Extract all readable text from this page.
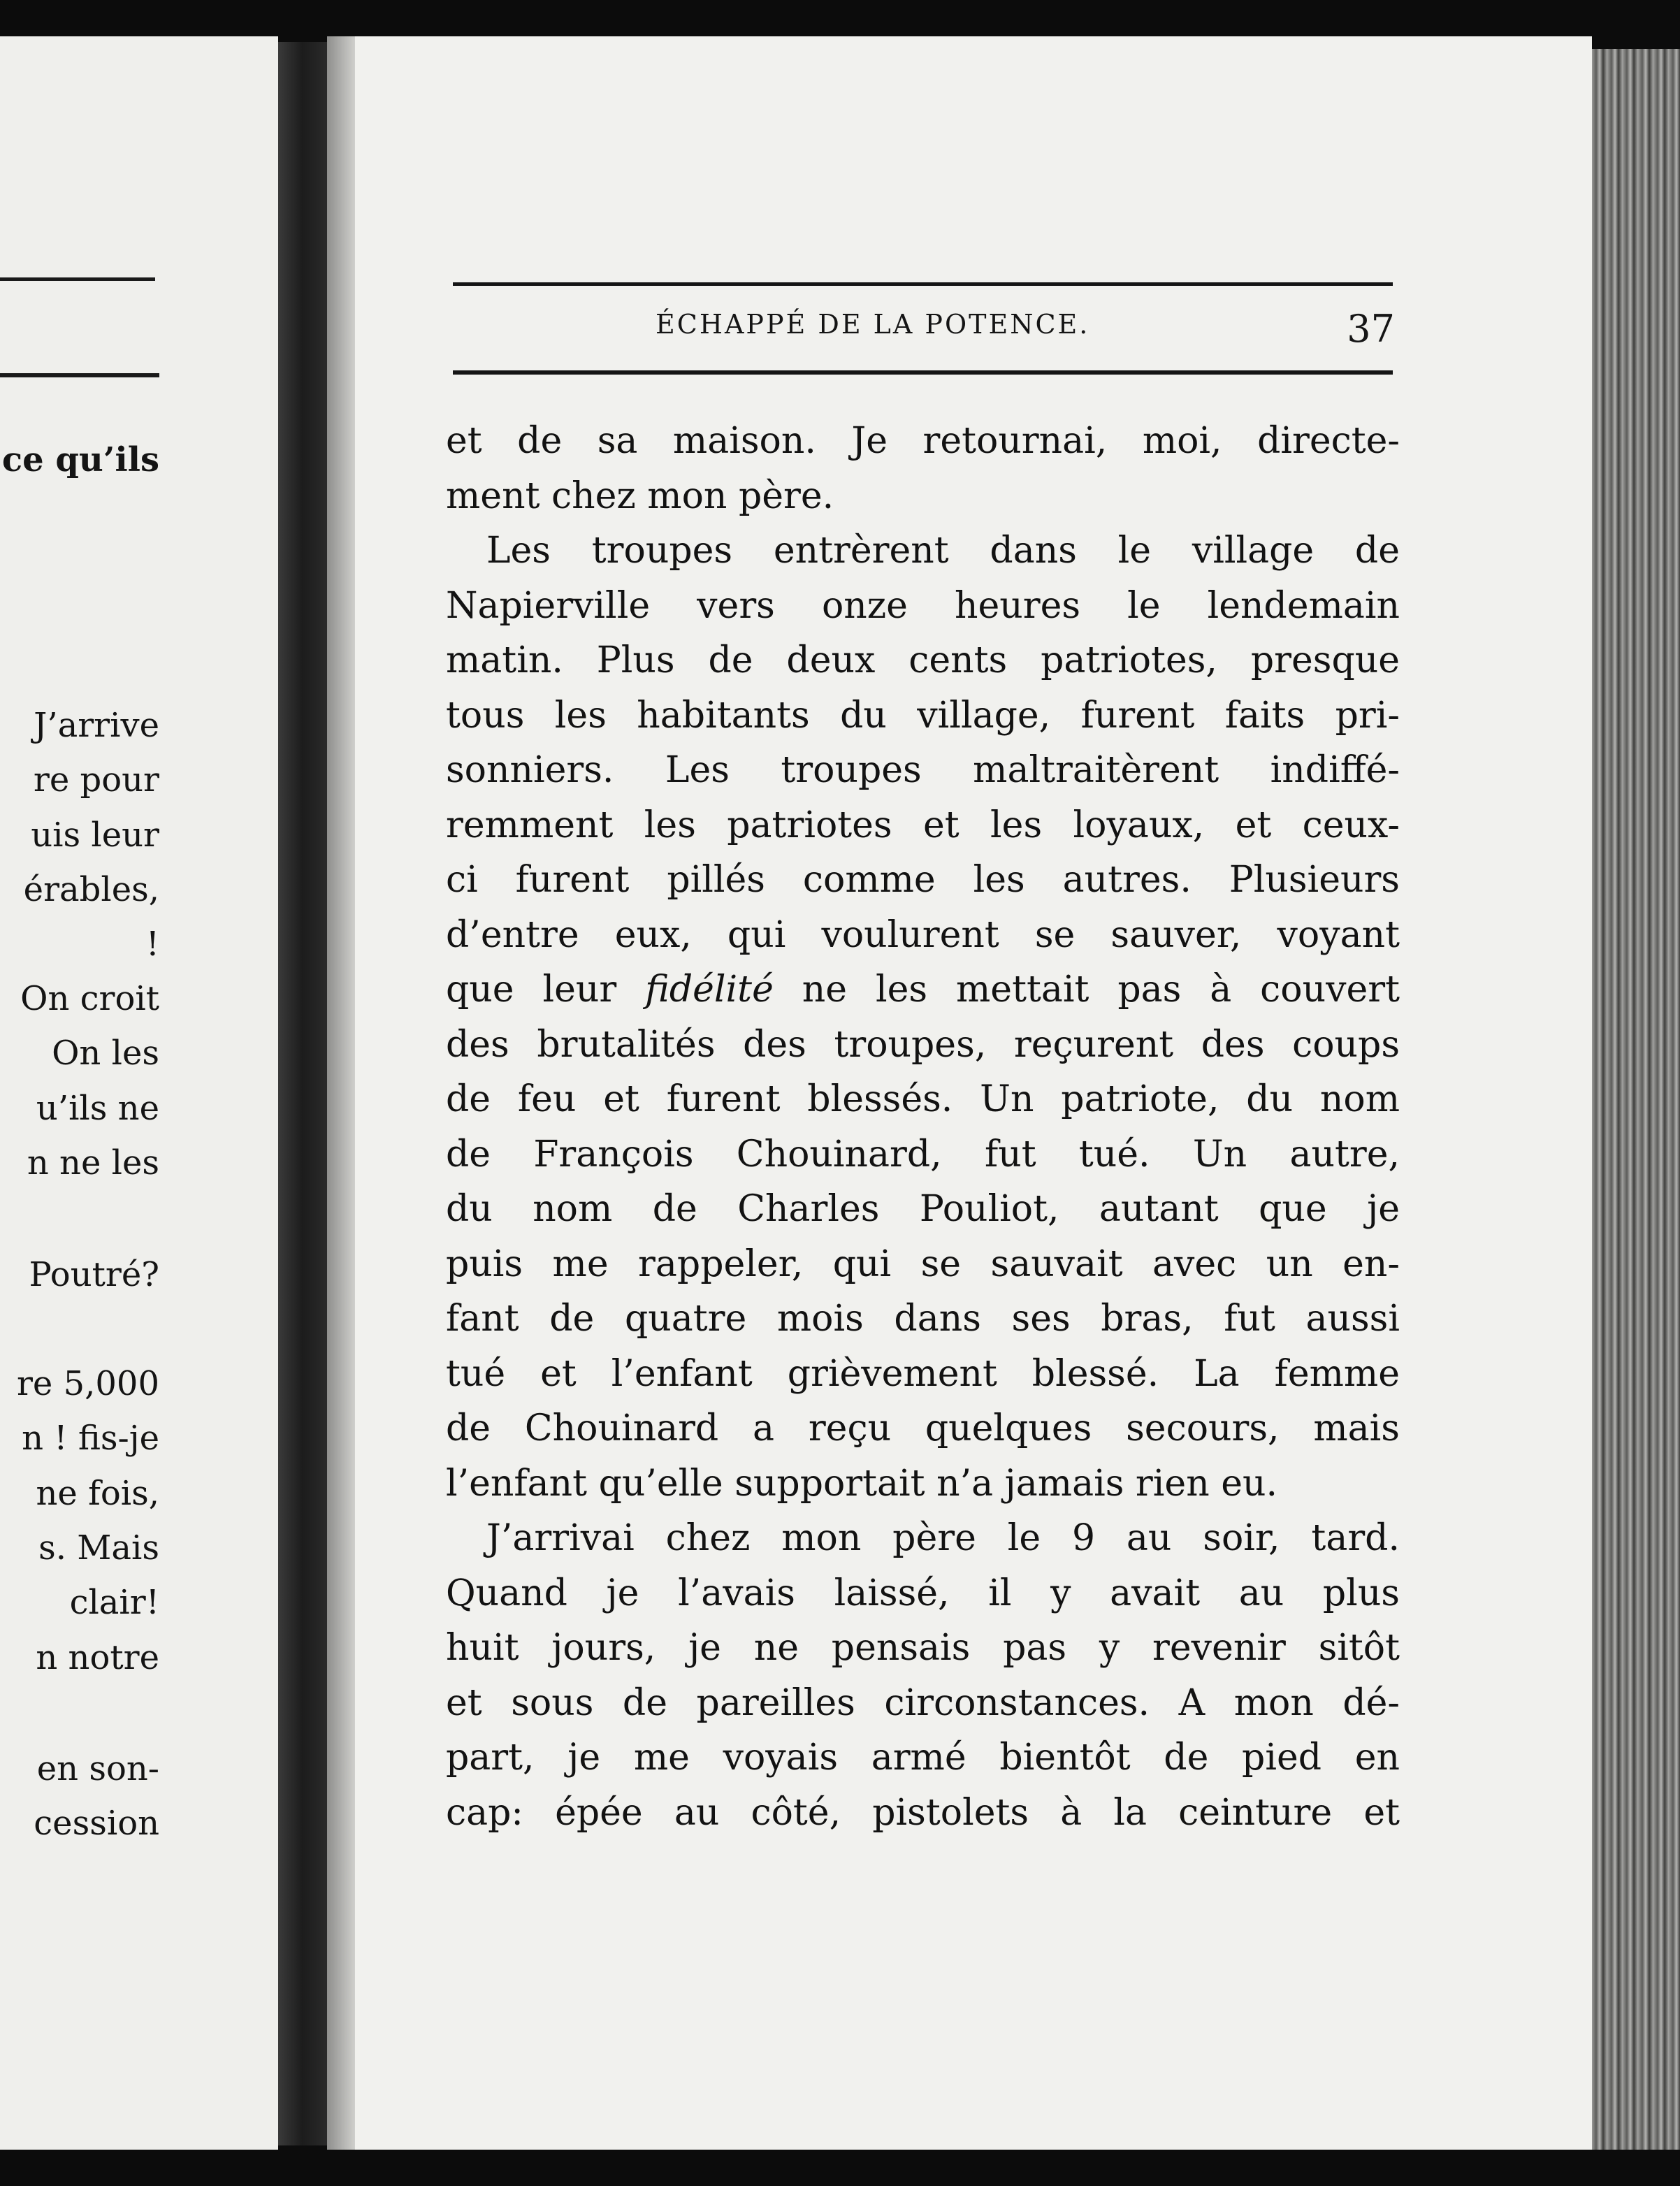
ce qu’ils
J’arrive
re pour
uis leur
érables,
!
On croit
On les
u’ils ne
n ne les
Poutré?
re 5,000
n ! fis-je
ne fois,
s. Mais
clair!
n notre
en son-
cession
ÉCHAPPÉ DE LA POTENCE.	37
et de sa maison. Je retournai, moi, directe-
ment chez mon père.
Les troupes entrèrent dans le village de
Napierville vers onze heures le lendemain
matin. Plus de deux cents patriotes, presque
tous les habitants du village, furent faits pri-
sonniers. Les troupes maltraitèrent indiffé-
remment les patriotes et les loyaux, et ceux-
ci furent pillés comme les autres. Plusieurs
d’entre eux, qui voulurent se sauver, voyant
que leur fidélité ne les mettait pas à couvert
des brutalités des troupes, reçurent des coups
de feu et furent blessés. Un patriote, du nom
de François Chouinard, fut tué. Un autre,
du nom de Charles Pouliot, autant que je
puis me rappeler, qui se sauvait avec un en-
fant de quatre mois dans ses bras, fut aussi
tué et l’enfant grièvement blessé. La femme
de Chouinard a reçu quelques secours, mais
l’enfant qu’elle supportait n’a jamais rien eu.
J’arrivai chez mon père le 9 au soir, tard.
Quand je l’avais laissé, il y avait au plus
huit jours, je ne pensais pas y revenir sitôt
et sous de pareilles circonstances. A mon dé-
part, je me voyais armé bientôt de pied en
cap: épée au côté, pistolets à la ceinture et
